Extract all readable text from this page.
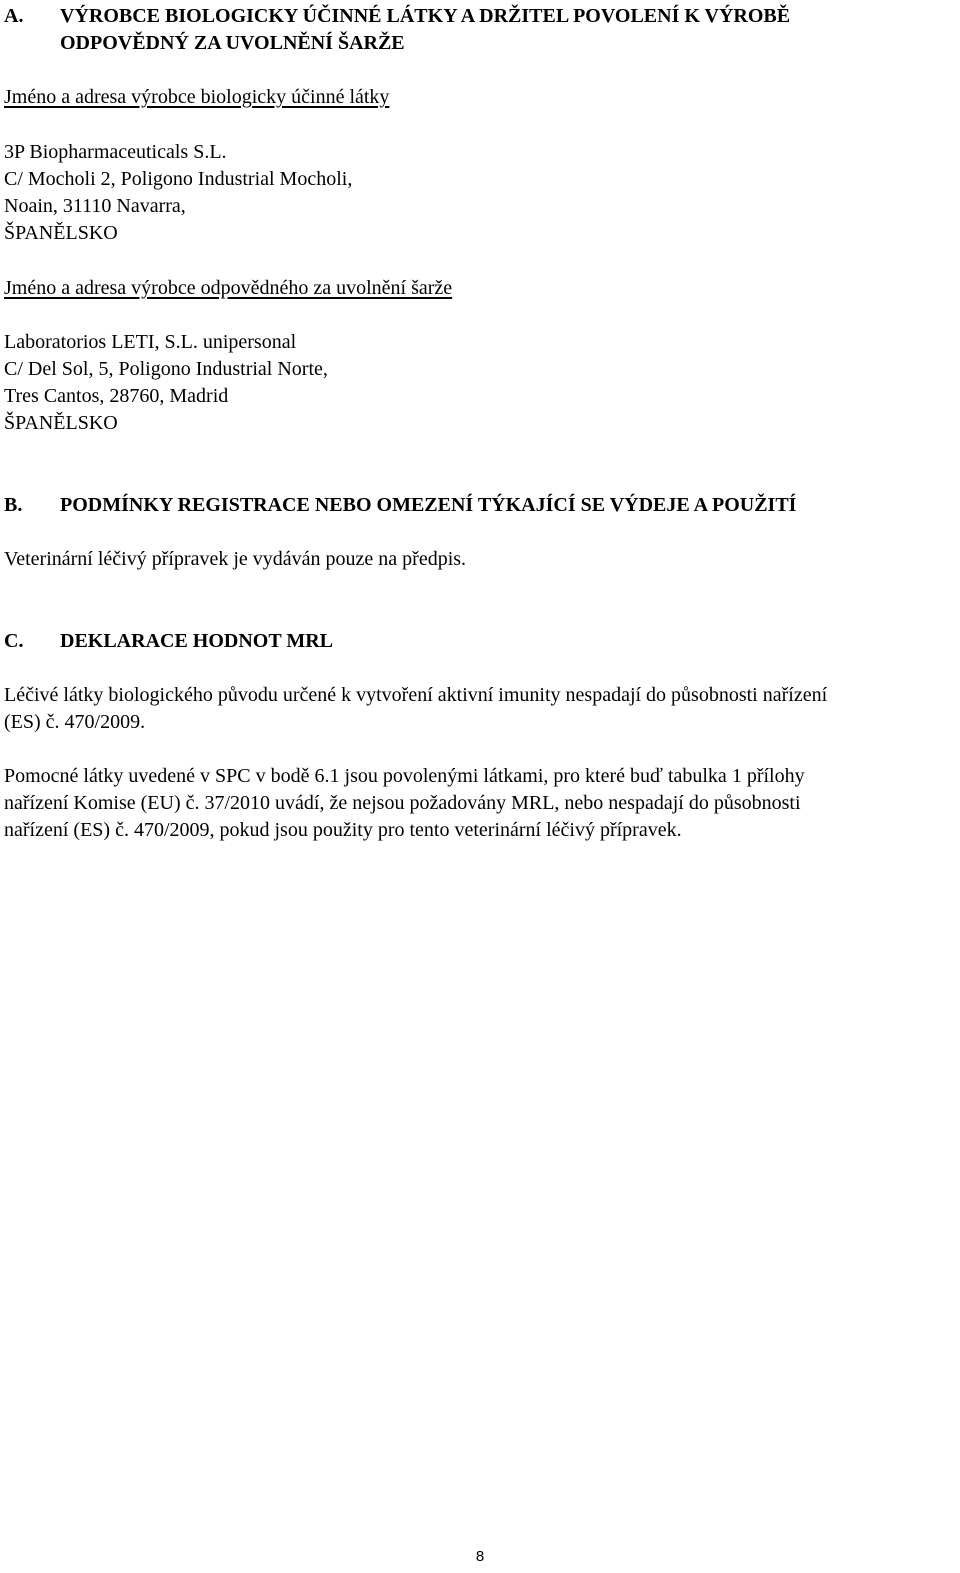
A.	VÝROBCE BIOLOGICKY ÚČINNÉ LÁTKY A DRŽITEL POVOLENÍ K VÝROBĚ
ODPOVĚDNÝ ZA UVOLNĚNÍ ŠARŽE

Jméno a adresa výrobce biologicky účinné látky

3P Biopharmaceuticals S.L.
C/ Mocholi 2, Poligono Industrial Mocholi,
Noain, 31110 Navarra,
ŠPANĚLSKO

Jméno a adresa výrobce odpovědného za uvolnění šarže

Laboratorios LETI, S.L. unipersonal
C/ Del Sol, 5, Poligono Industrial Norte,
Tres Cantos, 28760, Madrid
ŠPANĚLSKO

B.	PODMÍNKY REGISTRACE NEBO OMEZENÍ TÝKAJÍCÍ SE VÝDEJE A POUŽITÍ

Veterinární léčivý přípravek je vydáván pouze na předpis.

C.	DEKLARACE HODNOT MRL

Léčivé látky biologického původu určené k vytvoření aktivní imunity nespadají do působnosti nařízení
(ES) č. 470/2009.

Pomocné látky uvedené v SPC v bodě 6.1 jsou povolenými látkami, pro které buď tabulka 1 přílohy
nařízení Komise (EU) č. 37/2010 uvádí, že nejsou požadovány MRL, nebo nespadají do působnosti
nařízení (ES) č. 470/2009, pokud jsou použity pro tento veterinární léčivý přípravek.

8
